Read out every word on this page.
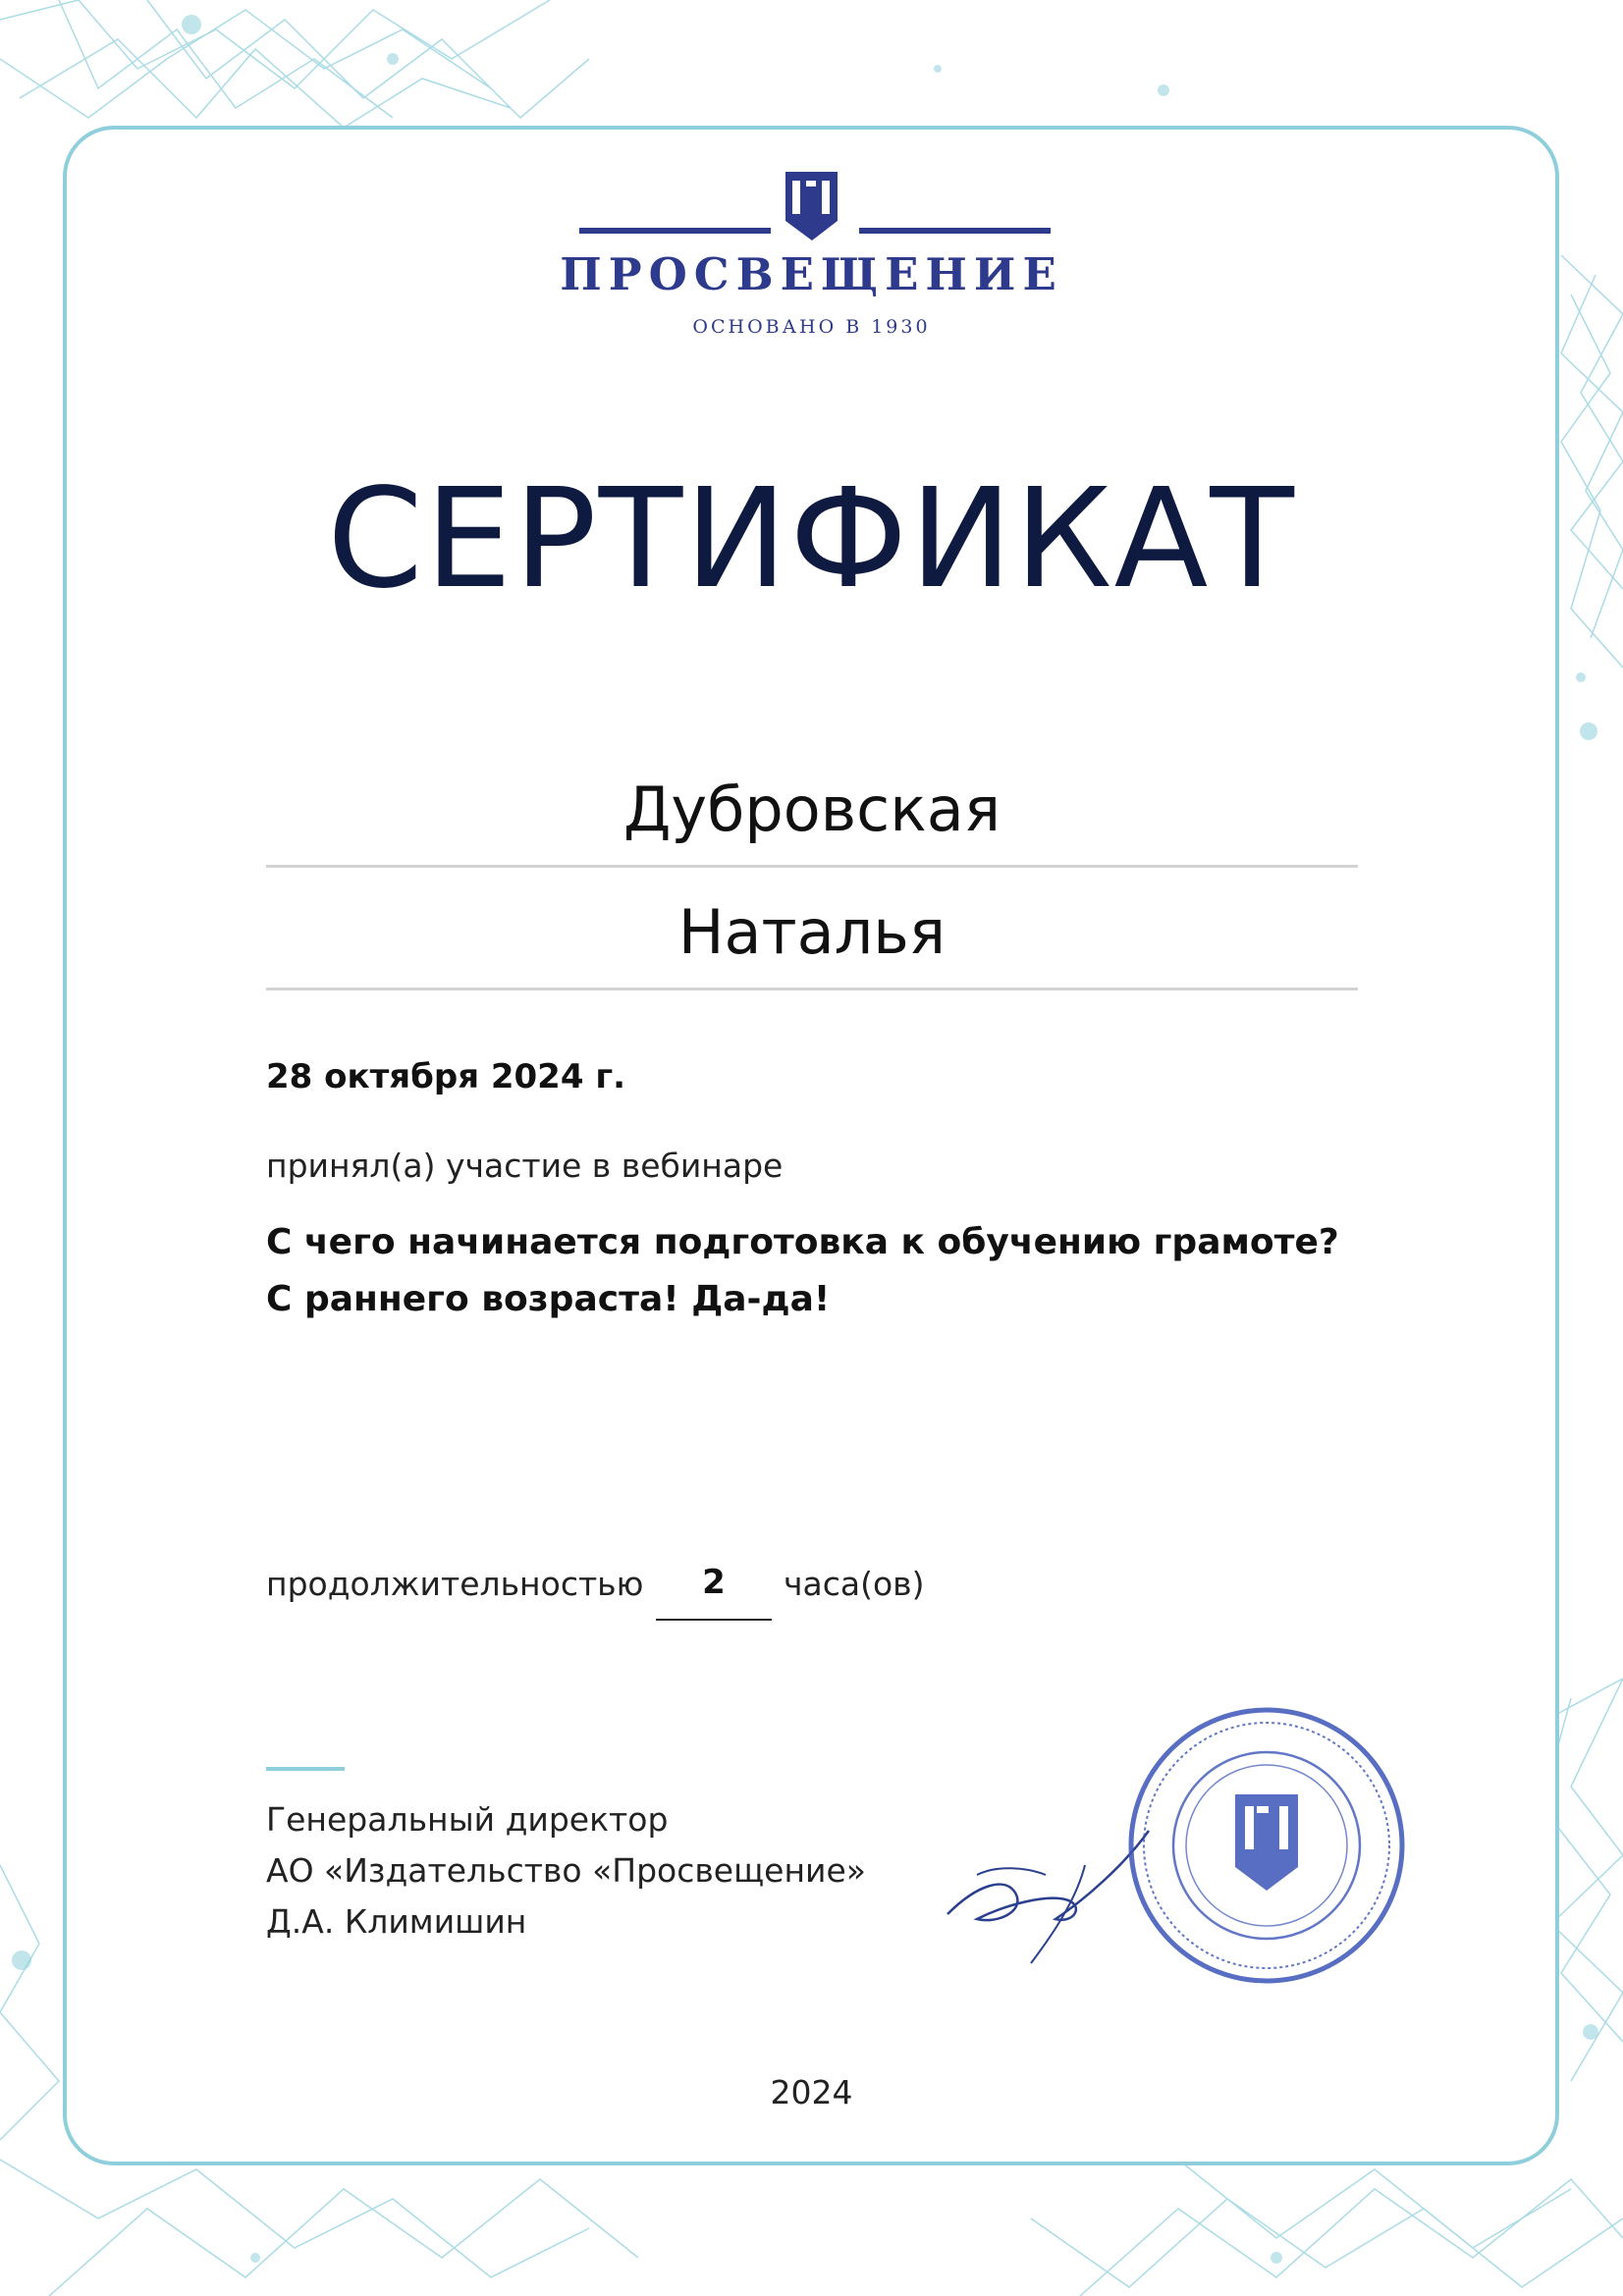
ПРОСВЕЩЕНИЕ
ОСНОВАНО В 1930
СЕРТИФИКАТ
Дубровская
Наталья
28 октября 2024 г.
принял(а) участие в вебинаре
С чего начинается подготовка к обучению грамоте?
С раннего возраста! Да-да!
продолжительностью	2	часа(ов)
Генеральный директор
АО «Издательство «Просвещение»
Д.А. Климишин
2024
